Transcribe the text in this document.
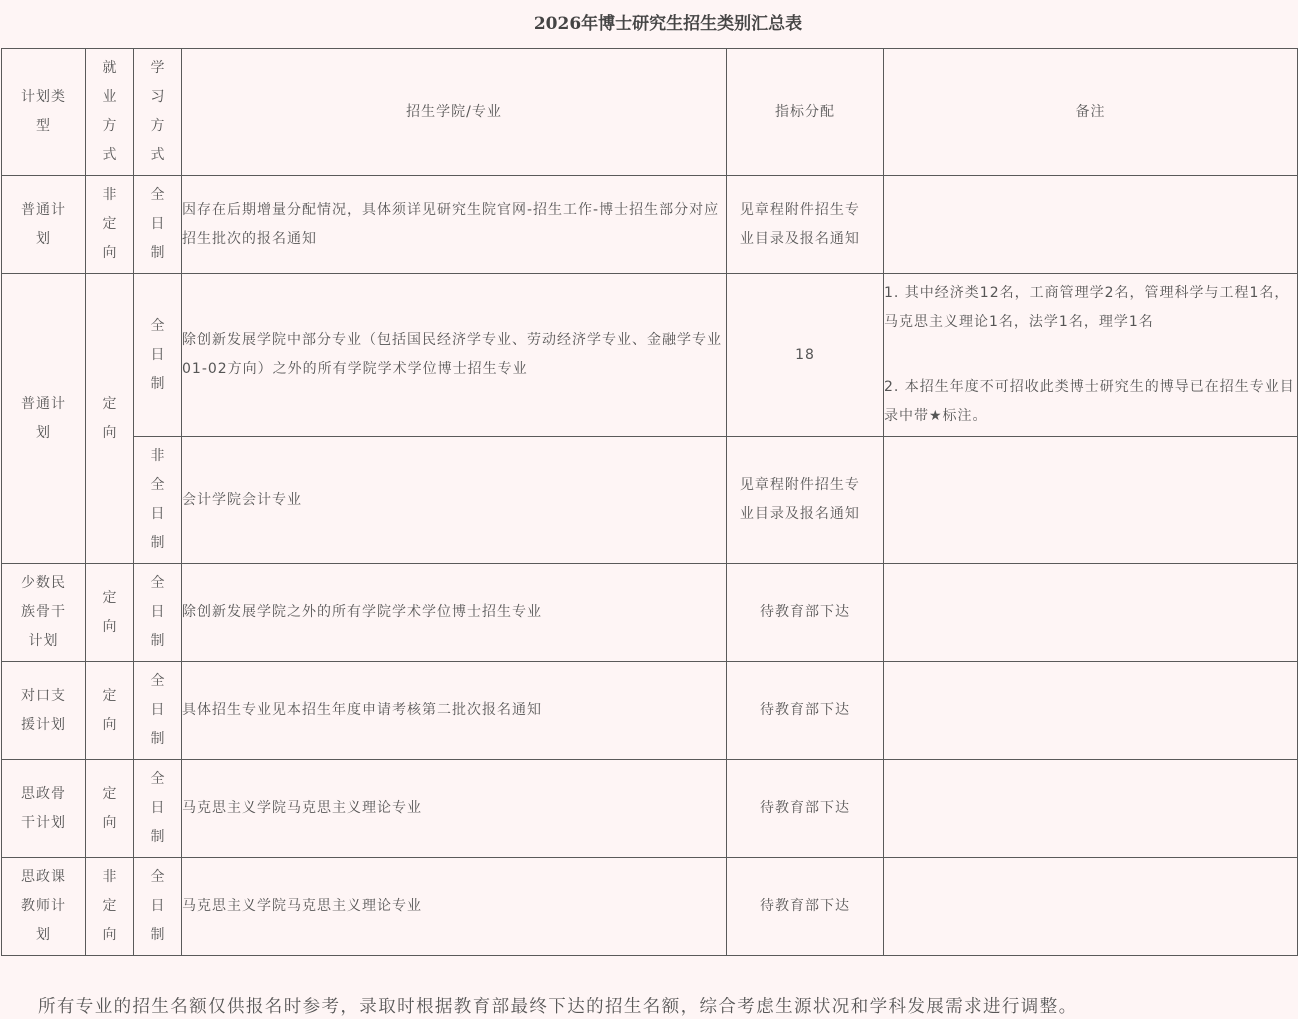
2026年博士研究生招生类别汇总表
计划类型	就业方式	学习方式	招生学院/专业	指标分配	备注
普通计划	非定向	全日制	因存在后期增量分配情况，具体须详见研究生院官网-招生工作-博士招生部分对应招生批次的报名通知	见章程附件招生专业目录及报名通知	
普通计划	定向	全日制	除创新发展学院中部分专业（包括国民经济学专业、劳动经济学专业、金融学专业01-02方向）之外的所有学院学术学位博士招生专业	18	1. 其中经济类12名，工商管理学2名，管理科学与工程1名，马克思主义理论1名，法学1名，理学1名
2. 本招生年度不可招收此类博士研究生的博导已在招生专业目录中带★标注。

		非全日制	会计学院会计专业	见章程附件招生专业目录及报名通知	
少数民族骨干计划	定向	全日制	除创新发展学院之外的所有学院学术学位博士招生专业	待教育部下达	
对口支援计划	定向	全日制	具体招生专业见本招生年度申请考核第二批次报名通知	待教育部下达	
思政骨干计划	定向	全日制	马克思主义学院马克思主义理论专业	待教育部下达	
思政课教师计划	非定向	全日制	马克思主义学院马克思主义理论专业	待教育部下达	
所有专业的招生名额仅供报名时参考，录取时根据教育部最终下达的招生名额，综合考虑生源状况和学科发展需求进行调整。
